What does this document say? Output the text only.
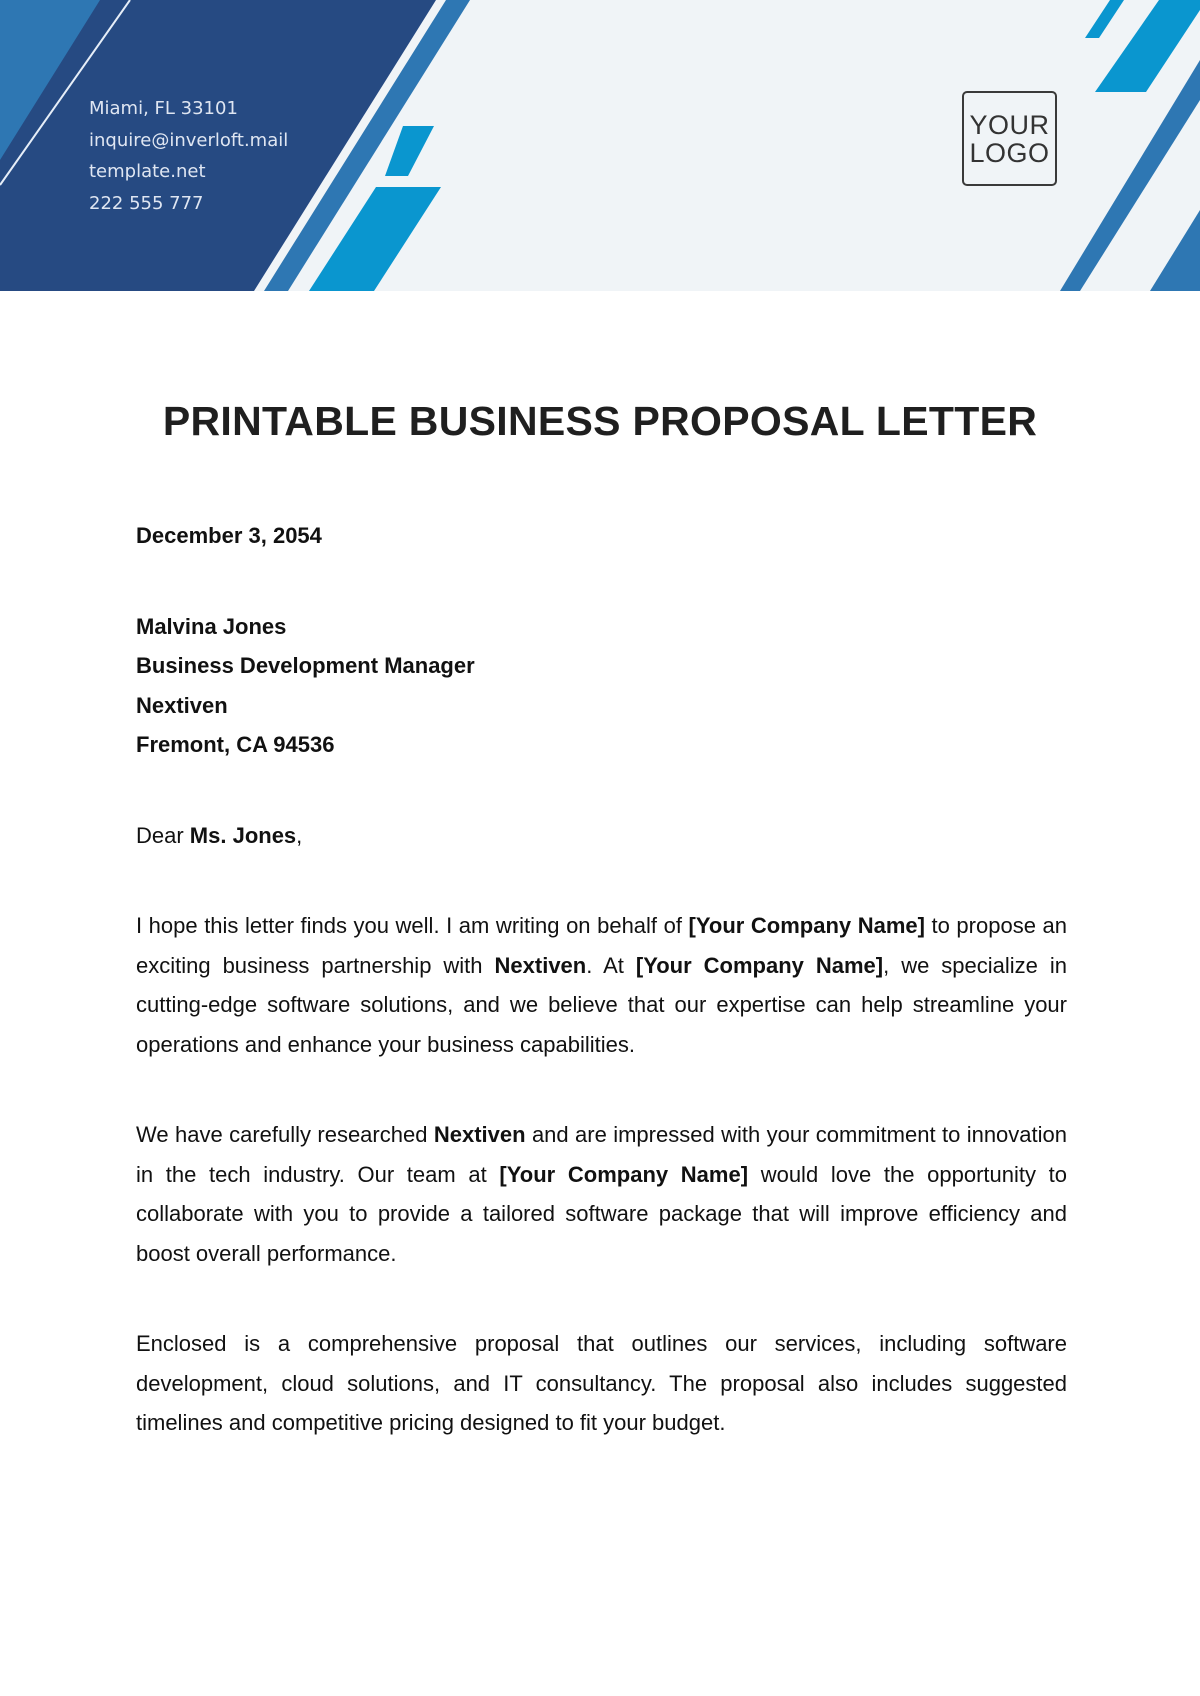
Miami, FL 33101
inquire@inverloft.mail
template.net
222 555 777
YOUR
LOGO
PRINTABLE BUSINESS PROPOSAL LETTER
December 3, 2054
Malvina Jones
Business Development Manager
Nextiven
Fremont, CA 94536

Dear Ms. Jones,

I hope this letter finds you well. I am writing on behalf of [Your Company Name] to propose an exciting business partnership with Nextiven. At [Your Company Name], we specialize in cutting-edge software solutions, and we believe that our expertise can help streamline your operations and enhance your business capabilities.

We have carefully researched Nextiven and are impressed with your commitment to innovation in the tech industry. Our team at [Your Company Name] would love the opportunity to collaborate with you to provide a tailored software package that will improve efficiency and boost overall performance.

Enclosed is a comprehensive proposal that outlines our services, including software development, cloud solutions, and IT consultancy. The proposal also includes suggested timelines and competitive pricing designed to fit your budget.
